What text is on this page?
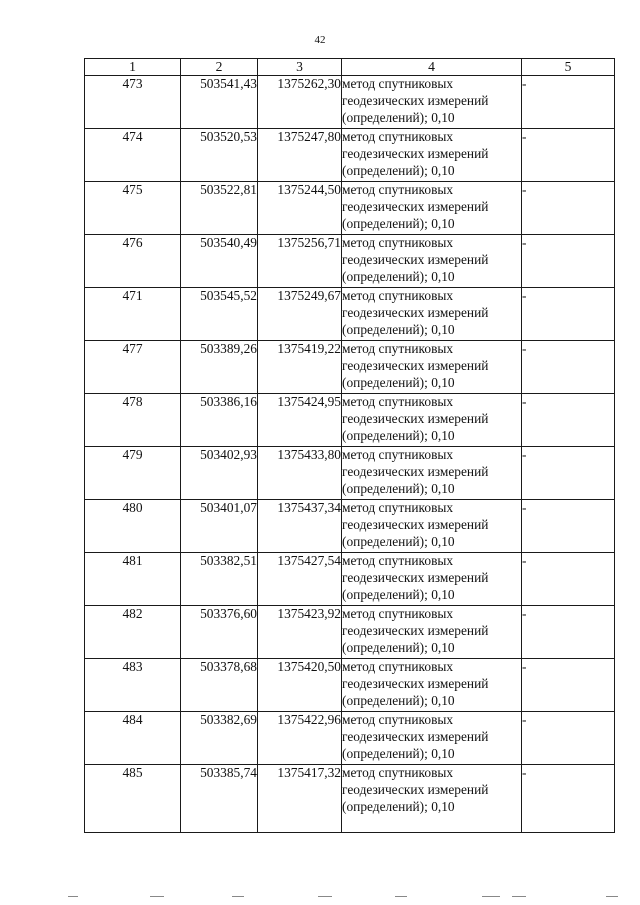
42
1	2	3	4	5
473	503541,43	1375262,30	метод спутниковых
геодезических измерений
(определений); 0,10	-
474	503520,53	1375247,80	метод спутниковых
геодезических измерений
(определений); 0,10	-
475	503522,81	1375244,50	метод спутниковых
геодезических измерений
(определений); 0,10	-
476	503540,49	1375256,71	метод спутниковых
геодезических измерений
(определений); 0,10	-
471	503545,52	1375249,67	метод спутниковых
геодезических измерений
(определений); 0,10	-
477	503389,26	1375419,22	метод спутниковых
геодезических измерений
(определений); 0,10	-
478	503386,16	1375424,95	метод спутниковых
геодезических измерений
(определений); 0,10	-
479	503402,93	1375433,80	метод спутниковых
геодезических измерений
(определений); 0,10	-
480	503401,07	1375437,34	метод спутниковых
геодезических измерений
(определений); 0,10	-
481	503382,51	1375427,54	метод спутниковых
геодезических измерений
(определений); 0,10	-
482	503376,60	1375423,92	метод спутниковых
геодезических измерений
(определений); 0,10	-
483	503378,68	1375420,50	метод спутниковых
геодезических измерений
(определений); 0,10	-
484	503382,69	1375422,96	метод спутниковых
геодезических измерений
(определений); 0,10	-
485	503385,74	1375417,32	метод спутниковых
геодезических измерений
(определений); 0,10	-
